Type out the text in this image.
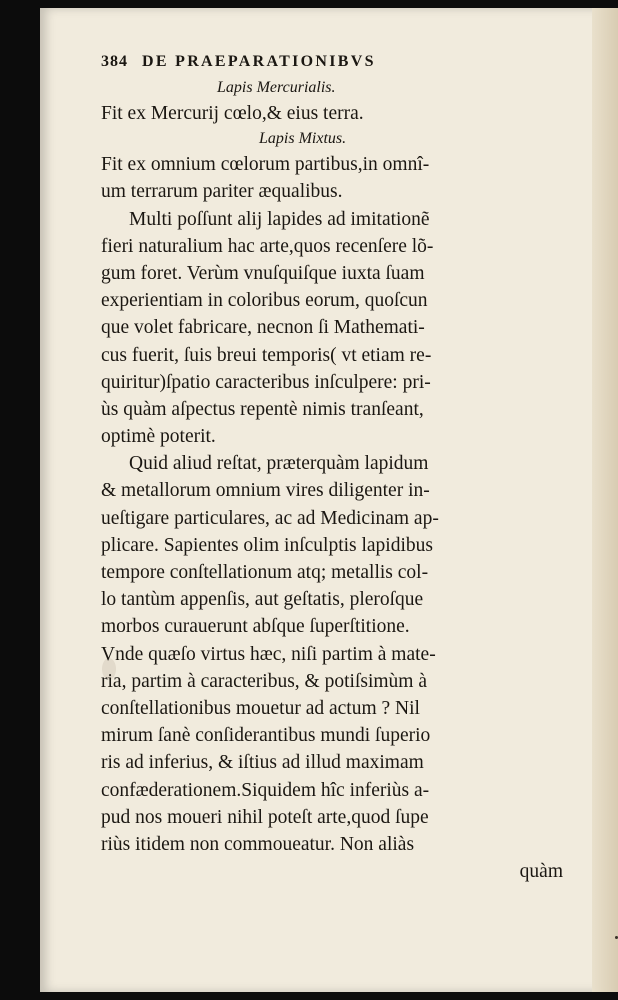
384 DE PRAEPARATIONIBVS
Lapis Mercurialis.
Fit ex Mercurij cœlo,& eius terra.
Lapis Mixtus.
Fit ex omnium cœlorum partibus,in omnî-
um terrarum pariter æqualibus.
Multi poſſunt alij lapides ad imitationẽ
fieri naturalium hac arte,quos recenſere lõ-
gum foret. Verùm vnuſquiſque iuxta ſuam
experientiam in coloribus eorum, quoſcun
que volet fabricare, necnon ſi Mathemati-
cus fuerit, ſuis breui temporis( vt etiam re-
quiritur)ſpatio caracteribus inſculpere: pri-
ùs quàm aſpectus repentè nimis tranſeant,
optimè poterit.
Quid aliud reſtat, præterquàm lapidum
& metallorum omnium vires diligenter in-
ueſtigare particulares, ac ad Medicinam ap-
plicare. Sapientes olim inſculptis lapidibus
tempore conſtellationum atq; metallis col-
lo tantùm appenſis, aut geſtatis, pleroſque
morbos curauerunt abſque ſuperſtitione.
Vnde quæſo virtus hæc, niſi partim à mate-
ria, partim à caracteribus, & potiſsimùm à
conſtellationibus mouetur ad actum ? Nil
mirum ſanè conſiderantibus mundi ſuperio
ris ad inferius, & iſtius ad illud maximam
confæderationem.Siquidem hîc inferiùs a-
pud nos moueri nihil poteſt arte,quod ſupe
riùs itidem non commoueatur. Non aliàs
quàm
